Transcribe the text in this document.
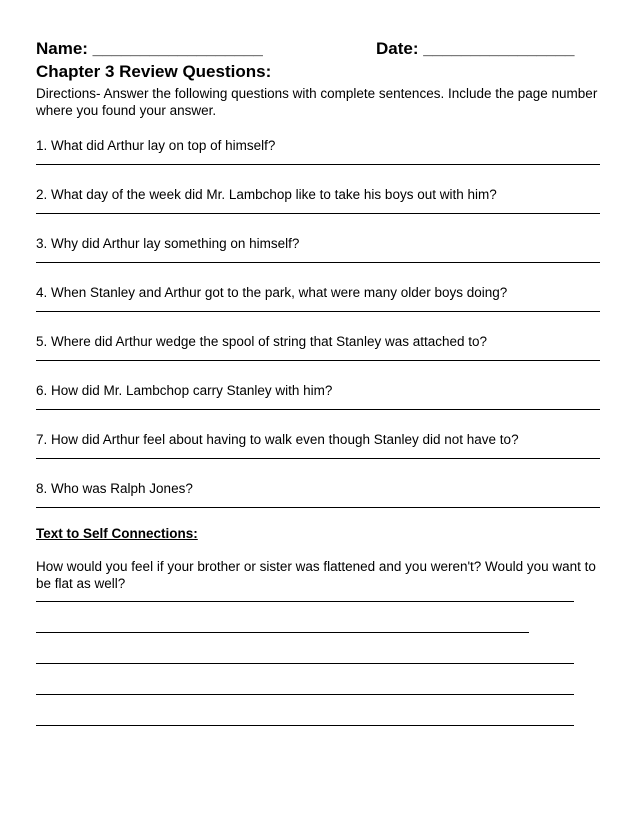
Name: __________________	Date: ________________
Chapter 3 Review Questions:
Directions- Answer the following questions with complete sentences. Include the page number where you found your answer.
1. What did Arthur lay on top of himself?
2. What day of the week did Mr. Lambchop like to take his boys out with him?
3. Why did Arthur lay something on himself?
4. When Stanley and Arthur got to the park, what were many older boys doing?
5. Where did Arthur wedge the spool of string that Stanley was attached to?
6. How did Mr. Lambchop carry Stanley with him?
7. How did Arthur feel about having to walk even though Stanley did not have to?
8. Who was Ralph Jones?
Text to Self Connections:
How would you feel if your brother or sister was flattened and you weren't? Would you want to be flat as well?
